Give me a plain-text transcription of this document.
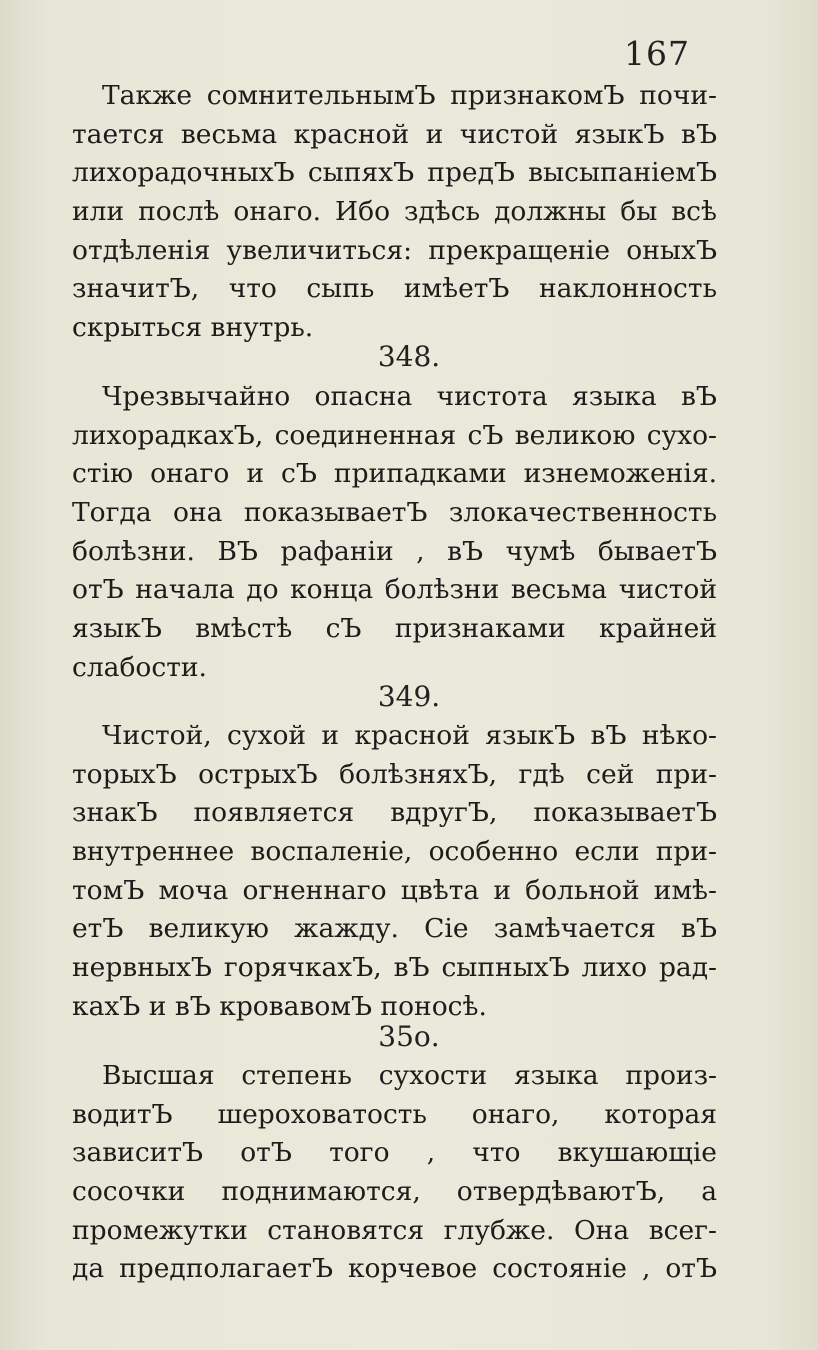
167
Также сомнительнымЪ признакомЪ почи-
тается весьма красной и чистой языкЪ вЪ
лихорадочныхЪ сыпяхЪ предЪ высыпаніемЪ
или послѣ онаго. Ибо здѣсь должны бы всѣ
отдѣленія увеличиться: прекращеніе оныхЪ
значитЪ, что сыпь имѣетЪ наклонность
скрыться внутрь.
348.
Чрезвычайно опасна чистота языка вЪ
лихорадкахЪ, соединенная сЪ великою сухо-
стію онаго и сЪ припадками изнеможенія.
Тогда она показываетЪ злокачественность
болѣзни. ВЪ рафаніи , вЪ чумѣ бываетЪ
отЪ начала до конца болѣзни весьма чистой
языкЪ вмѣстѣ сЪ признаками крайней
слабости.
349.
Чистой, сухой и красной языкЪ вЪ нѣко-
торыхЪ острыхЪ болѣзняхЪ, гдѣ сей при-
знакЪ появляется вдругЪ, показываетЪ
внутреннее воспаленіе, особенно если при-
томЪ моча огненнаго цвѣта и больной имѣ-
етЪ великую жажду. Сіе замѣчается вЪ
нервныхЪ горячкахЪ, вЪ сыпныхЪ лихо рад-
кахЪ и вЪ кровавомЪ поносѣ.
35о.
Высшая степень сухости языка произ-
водитЪ шероховатость онаго, которая
зависитЪ отЪ того , что вкушающіе
сосочки поднимаются, отвердѣваютЪ, а
промежутки становятся глубже. Она всег-
да предполагаетЪ корчевое состояніе , отЪ
